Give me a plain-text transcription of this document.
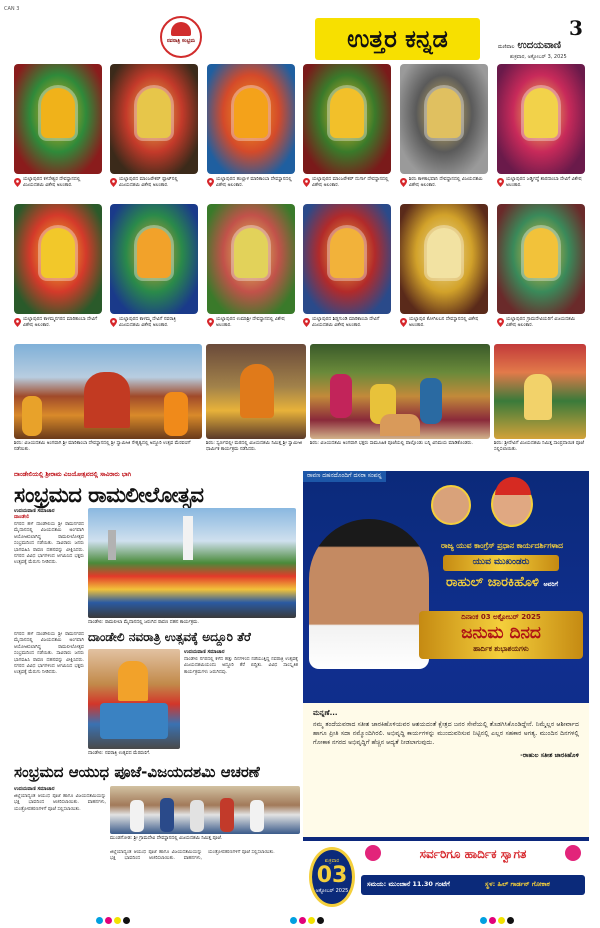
CAN 3
ನವರಾತ್ರಿ ಸಂಭ್ರಮ	ಉತ್ತರ ಕನ್ನಡ	3
ಮಣಿಪಾಲ ಉದಯವಾಣಿ
ಶುಕ್ರವಾರ, ಅಕ್ಟೋಬರ್ 3, 2025
ಯಲ್ಲಾಪುರದ ಕಳಸೇಶ್ವರ ದೇವಸ್ಥಾನದಲ್ಲಿ ವಿಜಯದಶಮಿ ವಿಶೇಷ ಅಲಂಕಾರ.
ಯಲ್ಲಾಪುರದ ಮಾಂಜರೇಕರ್ ಪ್ಲಾಟ್‌ನಲ್ಲಿ ವಿಜಯದಶಮಿ ವಿಶೇಷ ಅಲಂಕಾರ.
ಯಲ್ಲಾಪುರದ ಹುಲ್ಲಾಳ ಮಾರಿಕಾಂಬಾ ದೇವಸ್ಥಾನದಲ್ಲಿ ವಿಶೇಷ ಅಲಂಕಾರ.
ಯಲ್ಲಾಪುರದ ಮಾಂಜರೇಕರ್ ದುರ್ಗಾ ದೇವಸ್ಥಾನದಲ್ಲಿ ವಿಶೇಷ ಅಲಂಕಾರ.
ಶಿರಸಿ ಕಾಳಿಕಾಭವಾನಿ ದೇವಸ್ಥಾನದಲ್ಲಿ ವಿಜಯದಶಮಿ ವಿಶೇಷ ಅಲಂಕಾರ.
ಯಲ್ಲಾಪುರದ ಜಡ್ಡಿಗದ್ದೆ ಶಾರದಾಂಬಾ ದೇವಿಗೆ ವಿಶೇಷ ಅಲಂಕಾರ.
ಯಲ್ಲಾಪುರದ ಕಾಳಮ್ಮನಗರದ ಮಾರಿಕಾಂಬಾ ದೇವಿಗೆ ವಿಶೇಷ ಅಲಂಕಾರ.
ಯಲ್ಲಾಪುರದ ಕಾಳಮ್ಮ ದೇವಿಗೆ ನವರಾತ್ರಿ ವಿಜಯದಶಮಿ ವಿಶೇಷ ಅಲಂಕಾರ.
ಯಲ್ಲಾಪುರದ ಉಮಾಶ್ರೀ ದೇವಸ್ಥಾನದಲ್ಲಿ ವಿಶೇಷ ಅಲಂಕಾರ.
ಯಲ್ಲಾಪುರದ ಶಿಡ್ಲಗುಂಡಿ ಮಾರಿಕಾಂಬಾ ದೇವಿಗೆ ವಿಜಯದಶಮಿ ವಿಶೇಷ ಅಲಂಕಾರ.
ಯಲ್ಲಾಪುರ ಕೋಗಿಲಬನ ದೇವಸ್ಥಾನದಲ್ಲಿ ವಿಶೇಷ ಅಲಂಕಾರ.
ಯಲ್ಲಾಪುರದ ಗ್ರಾಮದೇವಿಯರಿಗೆ ವಿಜಯದಶಮಿ ವಿಶೇಷ ಅಲಂಕಾರ.
ಶಿರಸಿ: ವಿಜಯದಶಮಿ ಅಂಗವಾಗಿ ಶ್ರೀ ಮಾರಿಕಾಂಬಾ ದೇವಸ್ಥಾನದಲ್ಲಿ ಶ್ರೀ ಸ್ವಾಮೀಜಿ ನೇತೃತ್ವದಲ್ಲಿ ಅದ್ದೂರಿ ಉತ್ಸವ ಮೆರವಣಿಗೆ ನಡೆಯಿತು.
ಶಿರಸಿ: ಸ್ವರ್ಣವಲ್ಲೀ ಮಠದಲ್ಲಿ ವಿಜಯದಶಮಿ ನಿಮಿತ್ತ ಶ್ರೀ ಸ್ವಾಮೀಜಿ ಧಾರ್ಮಿಕ ಕಾರ್ಯಕ್ರಮ ನಡೆಸಿದರು.
ಶಿರಸಿ: ವಿಜಯದಶಮಿ ಅಂಗವಾಗಿ ಭಕ್ತರು ಸಾಮೂಹಿಕ ಪೂಜೆಯಲ್ಲಿ ಪಾಲ್ಗೊಂಡು ಬನ್ನಿ ವಿನಿಮಯ ಮಾಡಿಕೊಂಡರು.	ಶಿರಸಿ: ಶ್ರೀದೇವಿಗೆ ವಿಜಯದಶಮಿ ನಿಮಿತ್ತ ಸಾಂಪ್ರದಾಯಿಕ ಪೂಜೆ ಸಲ್ಲಿಸಲಾಯಿತು.
ದಾಂಡೇಲಿಯಲ್ಲಿ ಶ್ರೀರಾಮ ವಿಜಯೋತ್ಸವದಲ್ಲಿ ಸಾವಿರಾರು ಭಾಗಿ
ಸಂಭ್ರಮದ ರಾಮಲೀಲೋತ್ಸವ
ಉದಯವಾಣಿ ಸಮಾಚಾರ
ದಾಂಡೇಲಿ
ನಗರದ ಹಳೆ ದಾಂಡೇಲಿಯ ಶ್ರೀ ರಾಮನಗರದ ಮೈದಾನದಲ್ಲಿ ವಿಜಯದಶಮಿ ಅಂಗವಾಗಿ ಆಯೋಜಿಸಲಾಗಿದ್ದ ರಾಮಲೀಲೋತ್ಸವ ಸಂಭ್ರಮದಿಂದ ನಡೆಯಿತು. ಸಾವಿರಾರು ಜನರು ಭಾಗವಹಿಸಿ ರಾವಣ ದಹನವನ್ನು ವೀಕ್ಷಿಸಿದರು. ನಗರದ ವಿವಿಧ ಭಾಗಗಳಿಂದ ಆಗಮಿಸಿದ ಭಕ್ತರು ಉತ್ಸವಕ್ಕೆ ಮೆರುಗು ನೀಡಿದರು.
ದಾಂಡೇಲಿ: ರಾಮಲೀಲಾ ಮೈದಾನದಲ್ಲಿ ಜರುಗಿದ ರಾವಣ ದಹನ ಕಾರ್ಯಕ್ರಮ.
ದಾಂಡೇಲಿ ನವರಾತ್ರಿ ಉತ್ಸವಕ್ಕೆ ಅದ್ದೂರಿ ತೆರೆ
ದಾಂಡೇಲಿ: ನವರಾತ್ರಿ ಉತ್ಸವದ ಮೆರವಣಿಗೆ.
ಉದಯವಾಣಿ ಸಮಾಚಾರ
ದಾಂಡೇಲಿ ನಗರದಲ್ಲಿ ಕಳೆದ ಹತ್ತು ದಿನಗಳಿಂದ ನಡೆಯುತ್ತಿದ್ದ ನವರಾತ್ರಿ ಉತ್ಸವಕ್ಕೆ ವಿಜಯದಶಮಿಯಂದು ಅದ್ದೂರಿ ತೆರೆ ಬಿದ್ದಿತು. ವಿವಿಧ ಸಾಂಸ್ಕೃತಿಕ ಕಾರ್ಯಕ್ರಮಗಳು ಜರುಗಿದವು.
ನಗರದ ಹಳೆ ದಾಂಡೇಲಿಯ ಶ್ರೀ ರಾಮನಗರದ ಮೈದಾನದಲ್ಲಿ ವಿಜಯದಶಮಿ ಅಂಗವಾಗಿ ಆಯೋಜಿಸಲಾಗಿದ್ದ ರಾಮಲೀಲೋತ್ಸವ ಸಂಭ್ರಮದಿಂದ ನಡೆಯಿತು. ಸಾವಿರಾರು ಜನರು ಭಾಗವಹಿಸಿ ರಾವಣ ದಹನವನ್ನು ವೀಕ್ಷಿಸಿದರು. ನಗರದ ವಿವಿಧ ಭಾಗಗಳಿಂದ ಆಗಮಿಸಿದ ಭಕ್ತರು ಉತ್ಸವಕ್ಕೆ ಮೆರುಗು ನೀಡಿದರು.
ಸಂಭ್ರಮದ ಆಯುಧ ಪೂಜೆ-ವಿಜಯದಶಮಿ ಆಚರಣೆ
ಉದಯವಾಣಿ ಸಮಾಚಾರ
ಜಿಲ್ಲೆಯಾದ್ಯಂತ ಆಯುಧ ಪೂಜೆ ಹಾಗೂ ವಿಜಯದಶಮಿಯನ್ನು ಭಕ್ತಿ ಭಾವದಿಂದ ಆಚರಿಸಲಾಯಿತು. ವಾಹನಗಳು, ಯಂತ್ರೋಪಕರಣಗಳಿಗೆ ಪೂಜೆ ಸಲ್ಲಿಸಲಾಯಿತು.
ಮುಂಡಗೋಡ: ಶ್ರೀ ಗ್ರಾಮದೇವಿ ದೇವಸ್ಥಾನದಲ್ಲಿ ವಿಜಯದಶಮಿ ನಿಮಿತ್ತ ಪೂಜೆ.
ಜಿಲ್ಲೆಯಾದ್ಯಂತ ಆಯುಧ ಪೂಜೆ ಹಾಗೂ ವಿಜಯದಶಮಿಯನ್ನು ಭಕ್ತಿ ಭಾವದಿಂದ ಆಚರಿಸಲಾಯಿತು. ವಾಹನಗಳು, ಯಂತ್ರೋಪಕರಣಗಳಿಗೆ ಪೂಜೆ ಸಲ್ಲಿಸಲಾಯಿತು.
ರಾವಣ ದಹನದೊಂದಿಗೆ ದಸರಾ ಸಂಪನ್ನ
ರಾಜ್ಯ ಯುವ ಕಾಂಗ್ರೆಸ್ ಪ್ರಧಾನ ಕಾರ್ಯದರ್ಶಿಗಳಾದ
ಯುವ ಮುಖಂಡರು
ರಾಹುಲ್ ಜಾರಕಿಹೊಳಿ ಅವರಿಗೆ
ದಿನಾಂಕ 03 ಅಕ್ಟೋಬರ್ 2025
ಜನುಮ ದಿನದ
ಹಾರ್ದಿಕ ಶುಭಾಶಯಗಳು
ಮನ್ನಣೆ...
ನಮ್ಮ ತಂದೆಯವರಾದ ಸತೀಶ ಜಾರಕಿಹೊಳಿಯವರ ಆಶಯದಂತೆ ಕ್ಷೇತ್ರದ ಜನರ ಸೇವೆಯಲ್ಲಿ ತೊಡಗಿಸಿಕೊಂಡಿದ್ದೇನೆ. ನಿಮ್ಮೆಲ್ಲರ ಆಶೀರ್ವಾದ ಹಾಗೂ ಪ್ರೀತಿ ಸದಾ ನಮ್ಮೊಂದಿಗಿರಲಿ. ಅಭಿವೃದ್ಧಿ ಕಾರ್ಯಗಳನ್ನು ಮುಂದುವರಿಸುವ ನಿಟ್ಟಿನಲ್ಲಿ ಎಲ್ಲರ ಸಹಕಾರ ಅಗತ್ಯ. ಮುಂದಿನ ದಿನಗಳಲ್ಲಿ ಗೋಕಾಕ ನಗರದ ಅಭಿವೃದ್ಧಿಗೆ ಹೆಚ್ಚಿನ ಆದ್ಯತೆ ನೀಡಲಾಗುವುದು.
-ರಾಹುಲ ಸತೀಶ ಜಾರಕಿಹೊಳಿ
ಶುಕ್ರವಾರ
03
ಅಕ್ಟೋಬರ್ 2025
ಸರ್ವರಿಗೂ ಹಾರ್ದಿಕ ಸ್ವಾಗತ
ಸಮಯ: ಮುಂಜಾನೆ 11.30 ಗಂಟೆಗೆ	ಸ್ಥಳ: ಹಿಲ್ ಗಾರ್ಡನ್ ಗೋಕಾಕ
